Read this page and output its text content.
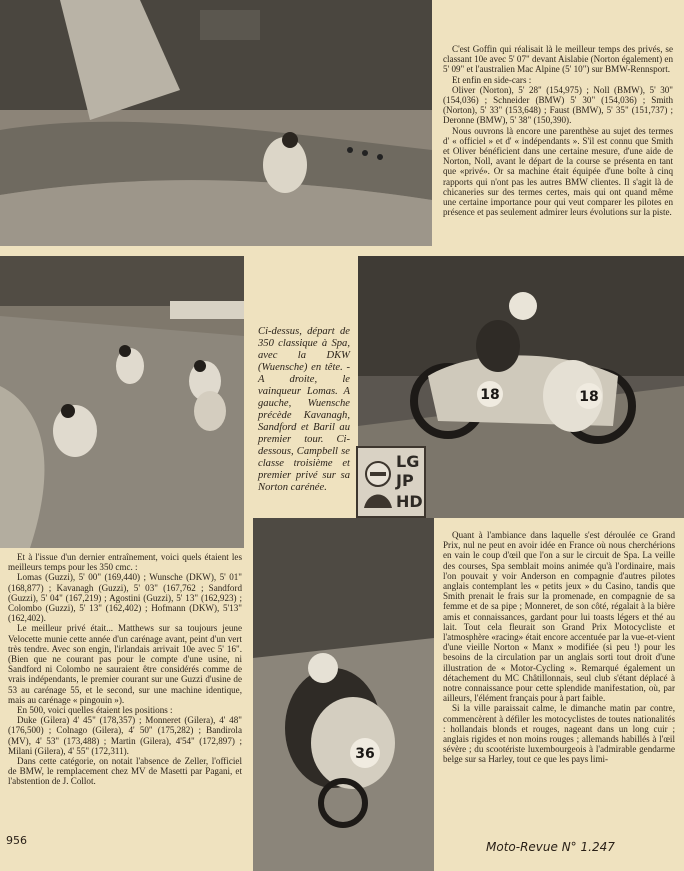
18	18
36

C'est Goffin qui réalisait là le meilleur temps des privés, se classant 10e avec 5' 07" devant Aislabie (Norton également) en 5' 09" et l'australien Mac Alpine (5' 10") sur BMW-Rennsport.

Et enfin en side-cars :

Oliver (Norton), 5' 28" (154,975) ; Noll (BMW), 5' 30" (154,036) ; Schneider (BMW) 5' 30" (154,036) ; Smith (Norton), 5' 33" (153,648) ; Faust (BMW), 5' 35" (151,737) ; Deronne (BMW), 5' 38" (150,390).

Nous ouvrons là encore une parenthèse au sujet des termes d' « officiel » et d' « indépendants ». S'il est connu que Smith et Oliver bénéficient dans une certaine mesure, d'une aide de Norton, Noll, avant le départ de la course se présenta en tant que «privé». Or sa machine était équipée d'une boîte à cinq rapports qui n'ont pas les autres BMW clientes. Il s'agit là de chicaneries sur des termes certes, mais qui ont quand même une certaine importance pour qui veut comparer les pilotes en présence et pas seulement admirer leurs évolutions sur la piste.

Ci-dessus, départ de 350 classique à Spa, avec la DKW (Wuensche) en tête. - A droite, le vainqueur Lomas. A gauche, Wuensche précède Kavanagh, Sandford et Baril au premier tour. Ci-dessous, Campbell se classe troisième et premier privé sur sa Norton carénée.

Et à l'issue d'un dernier entraînement, voici quels étaient les meilleurs temps pour les 350 cmc. :

Lomas (Guzzi), 5' 00" (169,440) ; Wunsche (DKW), 5' 01" (168,877) ; Kavanagh (Guzzi), 5' 03" (167,762 ; Sandford (Guzzi), 5' 04" (167,219) ; Agostini (Guzzi), 5' 13" (162,923) ; Colombo (Guzzi), 5' 13" (162,402) ; Hofmann (DKW), 5'13" (162,402).

Le meilleur privé était... Matthews sur sa toujours jeune Velocette munie cette année d'un carénage avant, peint d'un vert très tendre. Avec son engin, l'irlandais arrivait 10e avec 5' 16". (Bien que ne courant pas pour le compte d'une usine, ni Sandford ni Colombo ne sauraient être considérés comme de vrais indépendants, le premier courant sur une Guzzi d'usine de 53 au carénage 55, et le second, sur une machine identique, mais au carénage « pingouin »).

En 500, voici quelles étaient les positions :

Duke (Gilera) 4' 45" (178,357) ; Monneret (Gilera), 4' 48" (176,500) ; Colnago (Gilera), 4' 50" (175,282) ; Bandirola (MV), 4' 53" (173,488) ; Martin (Gilera), 4'54" (172,897) ; Milani (Gilera), 4' 55" (172,311).

Dans cette catégorie, on notait l'absence de Zeller, l'officiel de BMW, le remplacement chez MV de Masetti par Pagani, et l'abstention de J. Collot.

Quant à l'ambiance dans laquelle s'est déroulée ce Grand Prix, nul ne peut en avoir idée en France où nous cherchérions en vain le coup d'œil que l'on a sur le circuit de Spa. La veille des courses, Spa semblait moins animée qu'à l'ordinaire, mais l'on pouvait y voir Anderson en compagnie d'autres pilotes anglais contemplant les « petits jeux » du Casino, tandis que Smith prenait le frais sur la promenade, en compagnie de sa femme et de sa pipe ; Monneret, de son côté, régalait à la bière amis et connaissances, gardant pour lui toasts légers et thé au lait. Tout cela fleurait son Grand Prix Motocycliste et l'atmosphère «racing» était encore accentuée par la vue-et-vient d'une vieille Norton « Manx » modifiée (si peu !) pour les besoins de la circulation par un anglais sorti tout droit d'une illustration de « Motor-Cycling ». Remarqué également un détachement du MC Châtillonnais, seul club s'étant déplacé à notre connaissance pour cette splendide manifestation, où, par ailleurs, l'élément français pour à part faible.

Si la ville paraissait calme, le dimanche matin par contre, commencèrent à défiler les motocyclistes de toutes nationalités : hollandais blonds et rouges, nageant dans un long cuir ; anglais rigides et non moins rouges ; allemands habillés à l'œil sévère ; du scootériste luxembourgeois à l'admirable gendarme belge sur sa Harley, tout ce que les pays limi-

LG
JP
HD
956	Moto-Revue N° 1.247
